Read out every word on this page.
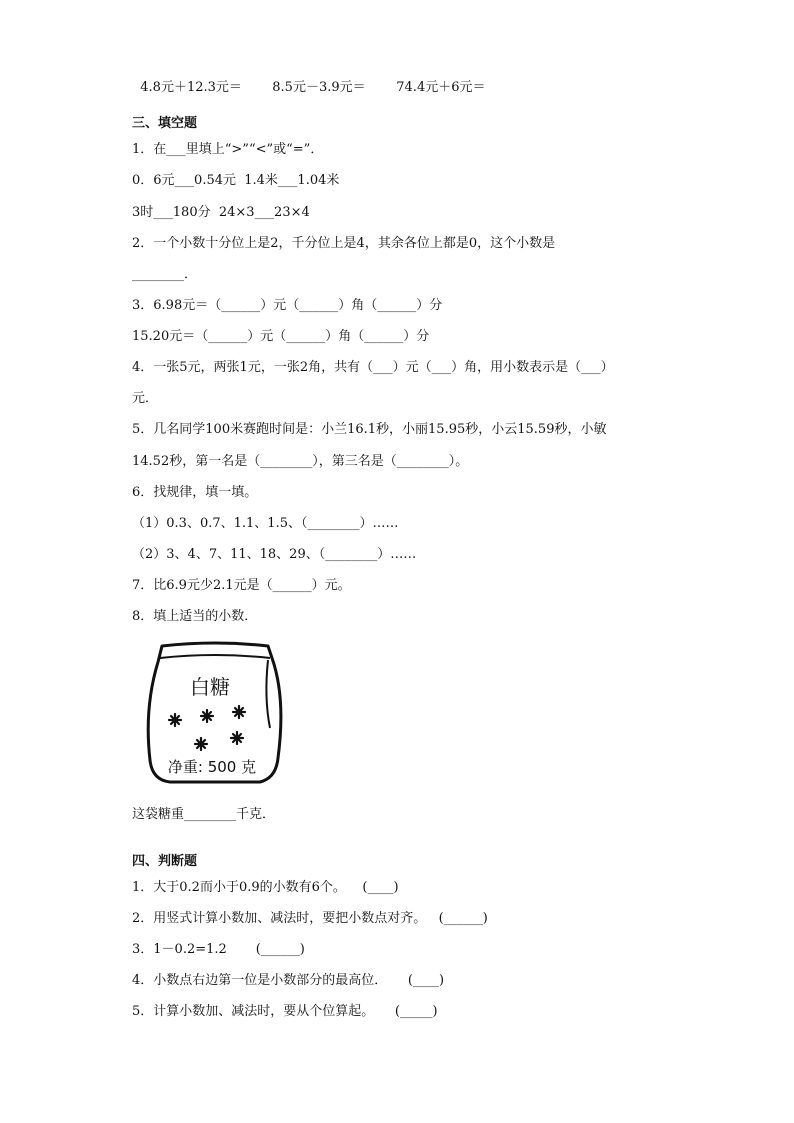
4.8元＋12.3元＝ 8.5元－3.9元＝ 74.4元＋6元＝

三、填空题
1．在___里填上“>”“<”或“=”．
0．6元___0.54元  1.4米___1.04米
3时___180分  24×3___23×4
2．一个小数十分位上是2，千分位上是4，其余各位上都是0，这个小数是
________．
3．6.98元＝（______）元（______）角（______）分
15.20元＝（______）元（______）角（______）分
4．一张5元，两张1元，一张2角，共有（___）元（___）角，用小数表示是（___）
元．
5．几名同学100米赛跑时间是：小兰16.1秒，小丽15.95秒，小云15.59秒，小敏
14.52秒，第一名是（________），第三名是（________）。
6．找规律，填一填。
（1）0.3、0.7、1.1、1.5、（________）……
（2）3、4、7、11、18、29、（________）……
7．比6.9元少2.1元是（______）元。
8．填上适当的小数．
白糖
净重: 500 克
这袋糖重________千克．
四、判断题
1．大于0.2而小于0.9的小数有6个。    (____)
2．用竖式计算小数加、减法时，要把小数点对齐。   (______)
3．1－0.2=1.2       (______)
4．小数点右边第一位是小数部分的最高位．     (____)
5．计算小数加、减法时，要从个位算起。     (_____)
